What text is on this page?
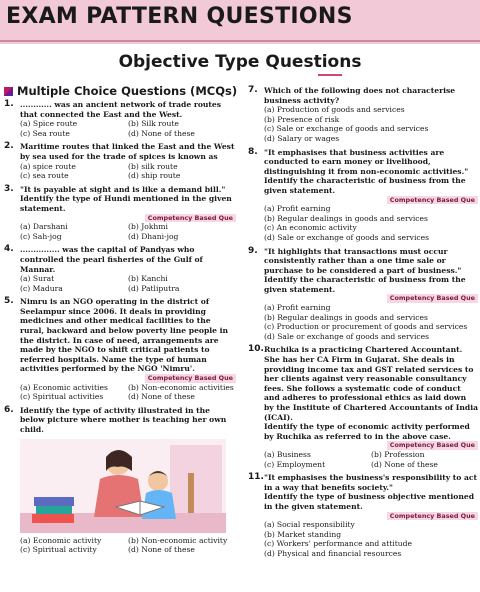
EXAM PATTERN QUESTIONS
Objective Type Questions
Multiple Choice Questions (MCQs)
1. ............ was an ancient network of trade routes that connected the East and the West.
(a) Spice route	(b) Silk route
(c) Sea route	(d) None of these
2. Maritime routes that linked the East and the West by sea used for the trade of spices is known as
(a) spice route	(b) silk route
(c) sea route	(d) ship route
3. "It is payable at sight and is like a demand bill." Identify the type of Hundi mentioned in the given statement.
Competency Based Que
(a) Darshani	(b) Jokhmi
(c) Sah-jog	(d) Dhani-jog
4. ............... was the capital of Pandyas who controlled the pearl fisheries of the Gulf of Mannar.
(a) Surat	(b) Kanchi
(c) Madura	(d) Patliputra
5. Nimru is an NGO operating in the district of Seelampur since 2006. It deals in providing medicines and other medical facilities to the rural, backward and below poverty line people in the district. In case of need, arrangements are made by the NGO to shift critical patients to referred hospitals. Name the type of human activities performed by the NGO 'Nimru'.
Competency Based Que
(a) Economic activities	(b) Non-economic activities
(c) Spiritual activities	(d) None of these
6. Identify the type of activity illustrated in the below picture where mother is teaching her own child.
(a) Economic activity	(b) Non-economic activity
(c) Spiritual activity	(d) None of these
7. Which of the following does not characterise business activity?
(a) Production of goods and services
(b) Presence of risk
(c) Sale or exchange of goods and services
(d) Salary or wages
8. "It emphasises that business activities are conducted to earn money or livelihood, distinguishing it from non-economic activities."
Identify the characteristic of business from the given statement.
Competency Based Que
(a) Profit earning
(b) Regular dealings in goods and services
(c) An economic activity
(d) Sale or exchange of goods and services
9. "It highlights that transactions must occur consistently rather than a one time sale or purchase to be considered a part of business."
Identify the characteristic of business from the given statement.
Competency Based Que
(a) Profit earning
(b) Regular dealings in goods and services
(c) Production or procurement of goods and services
(d) Sale or exchange of goods and services
10. Ruchika is a practicing Chartered Accountant. She has her CA Firm in Gujarat. She deals in providing income tax and GST related services to her clients against very reasonable consultancy fees. She follows a systematic code of conduct and adheres to professional ethics as laid down by the Institute of Chartered Accountants of India (ICAI).
Identify the type of economic activity performed by Ruchika as referred to in the above case.
Competency Based Que
(a) Business	(b) Profession
(c) Employment	(d) None of these
11. "It emphasises the business's responsibility to act in a way that benefits society."
Identify the type of business objective mentioned in the given statement.
Competency Based Que
(a) Social responsibility
(b) Market standing
(c) Workers' performance and attitude
(d) Physical and financial resources
